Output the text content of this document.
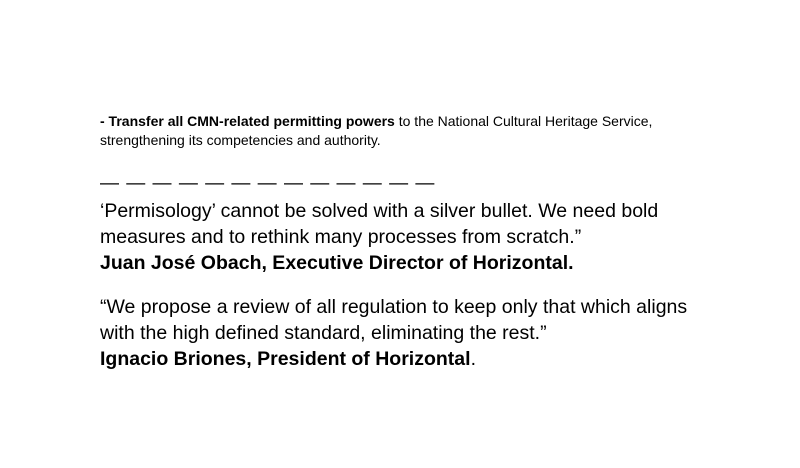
- Transfer all CMN-related permitting powers to the National Cultural Heritage Service, strengthening its competencies and authority.
— — — — — — — — — — — — —
‘Permisology’ cannot be solved with a silver bullet. We need bold measures and to rethink many processes from scratch.”
Juan José Obach, Executive Director of Horizontal.
“We propose a review of all regulation to keep only that which aligns with the high defined standard, eliminating the rest.”
Ignacio Briones, President of Horizontal.
